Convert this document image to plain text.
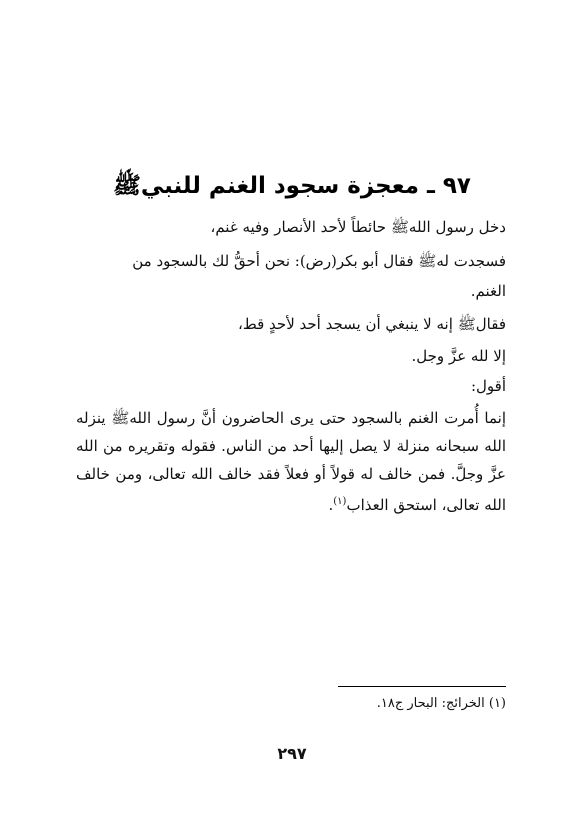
٩٧ ـ معجزة سجود الغنم للنبيﷺ
دخل رسول اللهﷺ حائطاً لأحد الأنصار وفيه غنم،
فسجدت لهﷺ فقال أبو بكر(رض): نحن أحقُّ لك بالسجود من
الغنم.
فقالﷺ إنه لا ينبغي أن يسجد أحد لأحدٍ قط،
إلا لله عزَّ وجل.
أقول:
إنما أُمرت الغنم بالسجود حتى يرى الحاضرون أنَّ رسول اللهﷺ ينزله الله سبحانه منزلة لا يصل إليها أحد من الناس. فقوله وتقريره من الله عزَّ وجلَّ. فمن خالف له قولاً أو فعلاً فقد خالف الله تعالى، ومن خالف الله تعالى، استحق العذاب$^{(١)}$.
(١) الخرائج: البحار ج١٨.
٢٩٧
